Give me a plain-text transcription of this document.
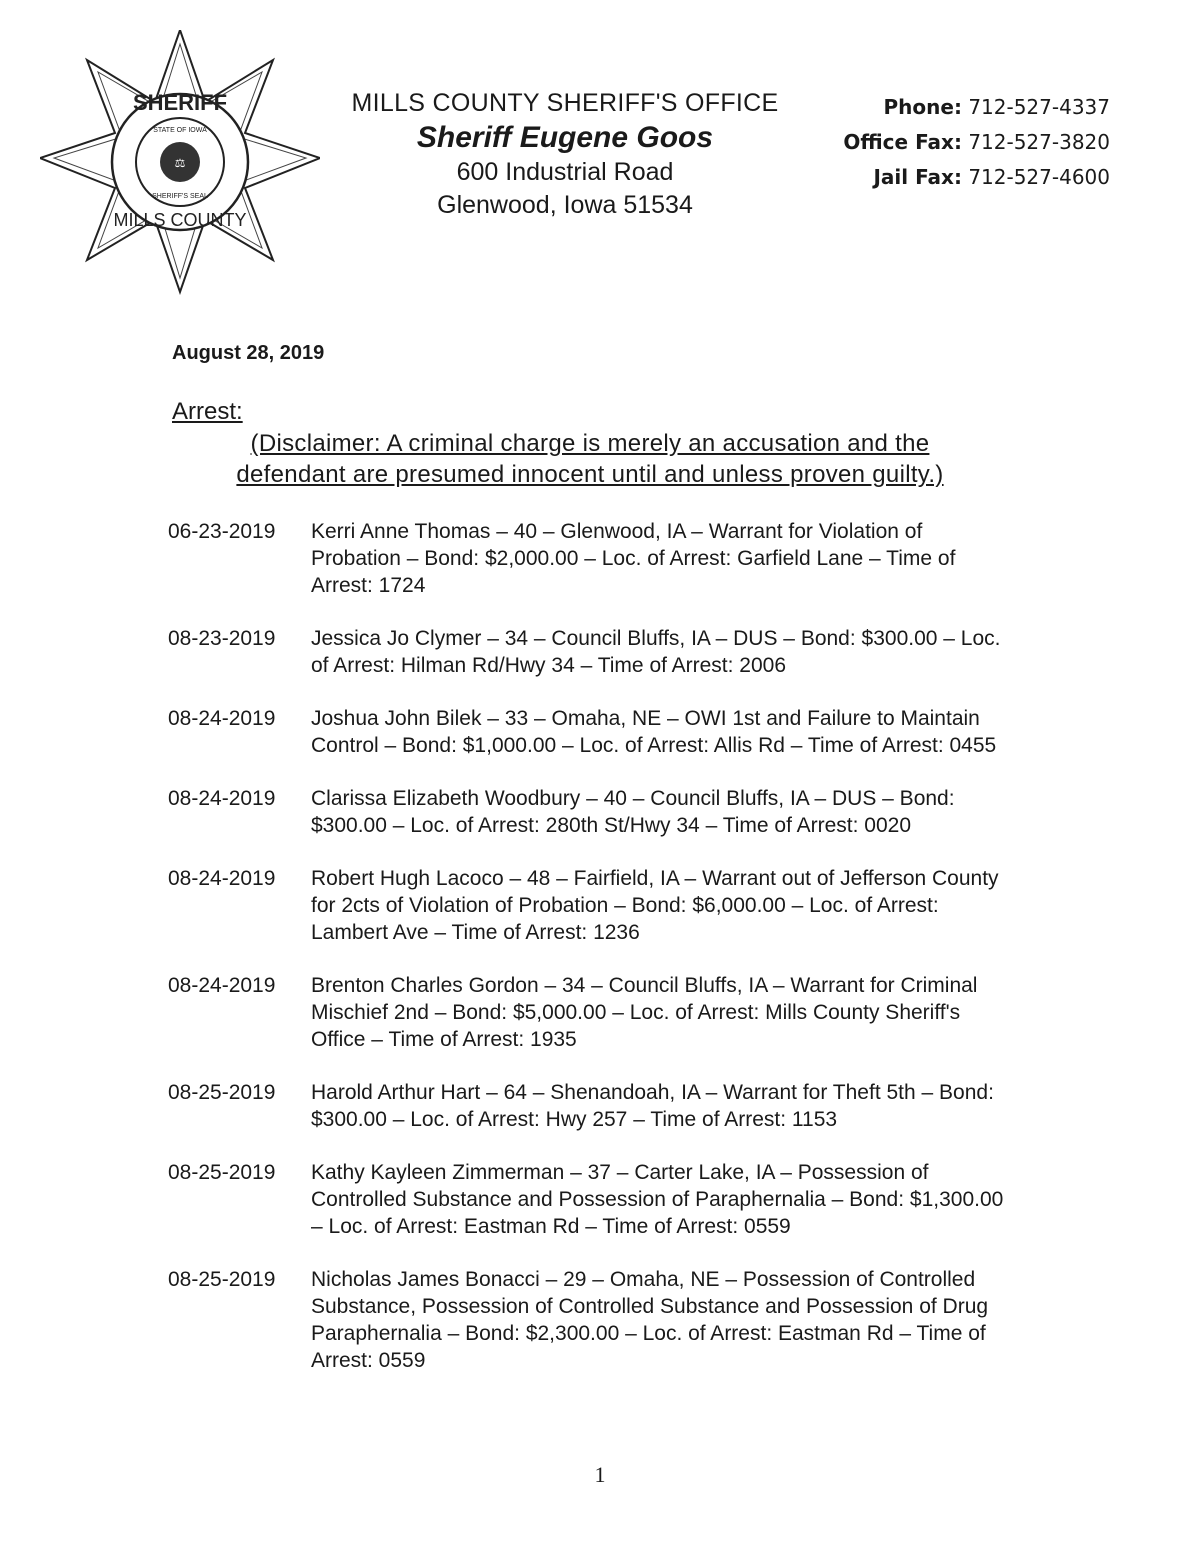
⚖
SHERIFF
STATE OF IOWA
SHERIFF'S SEAL
MILLS COUNTY
MILLS COUNTY SHERIFF'S OFFICE
Sheriff Eugene Goos
600 Industrial Road
Glenwood, Iowa 51534
Phone: 712-527-4337
Office Fax: 712-527-3820
Jail Fax: 712-527-4600
August 28, 2019
Arrest:
(Disclaimer: A criminal charge is merely an accusation and the
defendant are presumed innocent until and unless proven guilty.)
06-23-2019	Kerri Anne Thomas – 40 – Glenwood, IA – Warrant for Violation of Probation – Bond: $2,000.00 – Loc. of Arrest: Garfield Lane – Time of Arrest: 1724
08-23-2019	Jessica Jo Clymer – 34 – Council Bluffs, IA – DUS – Bond: $300.00 – Loc. of Arrest: Hilman Rd/Hwy 34 – Time of Arrest: 2006
08-24-2019	Joshua John Bilek – 33 – Omaha, NE – OWI 1st and Failure to Maintain Control – Bond: $1,000.00 – Loc. of Arrest: Allis Rd – Time of Arrest: 0455
08-24-2019	Clarissa Elizabeth Woodbury – 40 – Council Bluffs, IA – DUS – Bond: $300.00 – Loc. of Arrest: 280th St/Hwy 34 – Time of Arrest: 0020
08-24-2019	Robert Hugh Lacoco – 48 – Fairfield, IA – Warrant out of Jefferson County for 2cts of Violation of Probation – Bond: $6,000.00 – Loc. of Arrest: Lambert Ave – Time of Arrest: 1236
08-24-2019	Brenton Charles Gordon – 34 – Council Bluffs, IA – Warrant for Criminal Mischief 2nd – Bond: $5,000.00 – Loc. of Arrest: Mills County Sheriff's Office – Time of Arrest: 1935
08-25-2019	Harold Arthur Hart – 64 – Shenandoah, IA – Warrant for Theft 5th – Bond: $300.00 – Loc. of Arrest: Hwy 257 – Time of Arrest: 1153
08-25-2019	Kathy Kayleen Zimmerman – 37 – Carter Lake, IA – Possession of Controlled Substance and Possession of Paraphernalia – Bond: $1,300.00 – Loc. of Arrest: Eastman Rd – Time of Arrest: 0559
08-25-2019	Nicholas James Bonacci – 29 – Omaha, NE – Possession of Controlled Substance, Possession of Controlled Substance and Possession of Drug Paraphernalia – Bond: $2,300.00 – Loc. of Arrest: Eastman Rd – Time of Arrest: 0559
1
